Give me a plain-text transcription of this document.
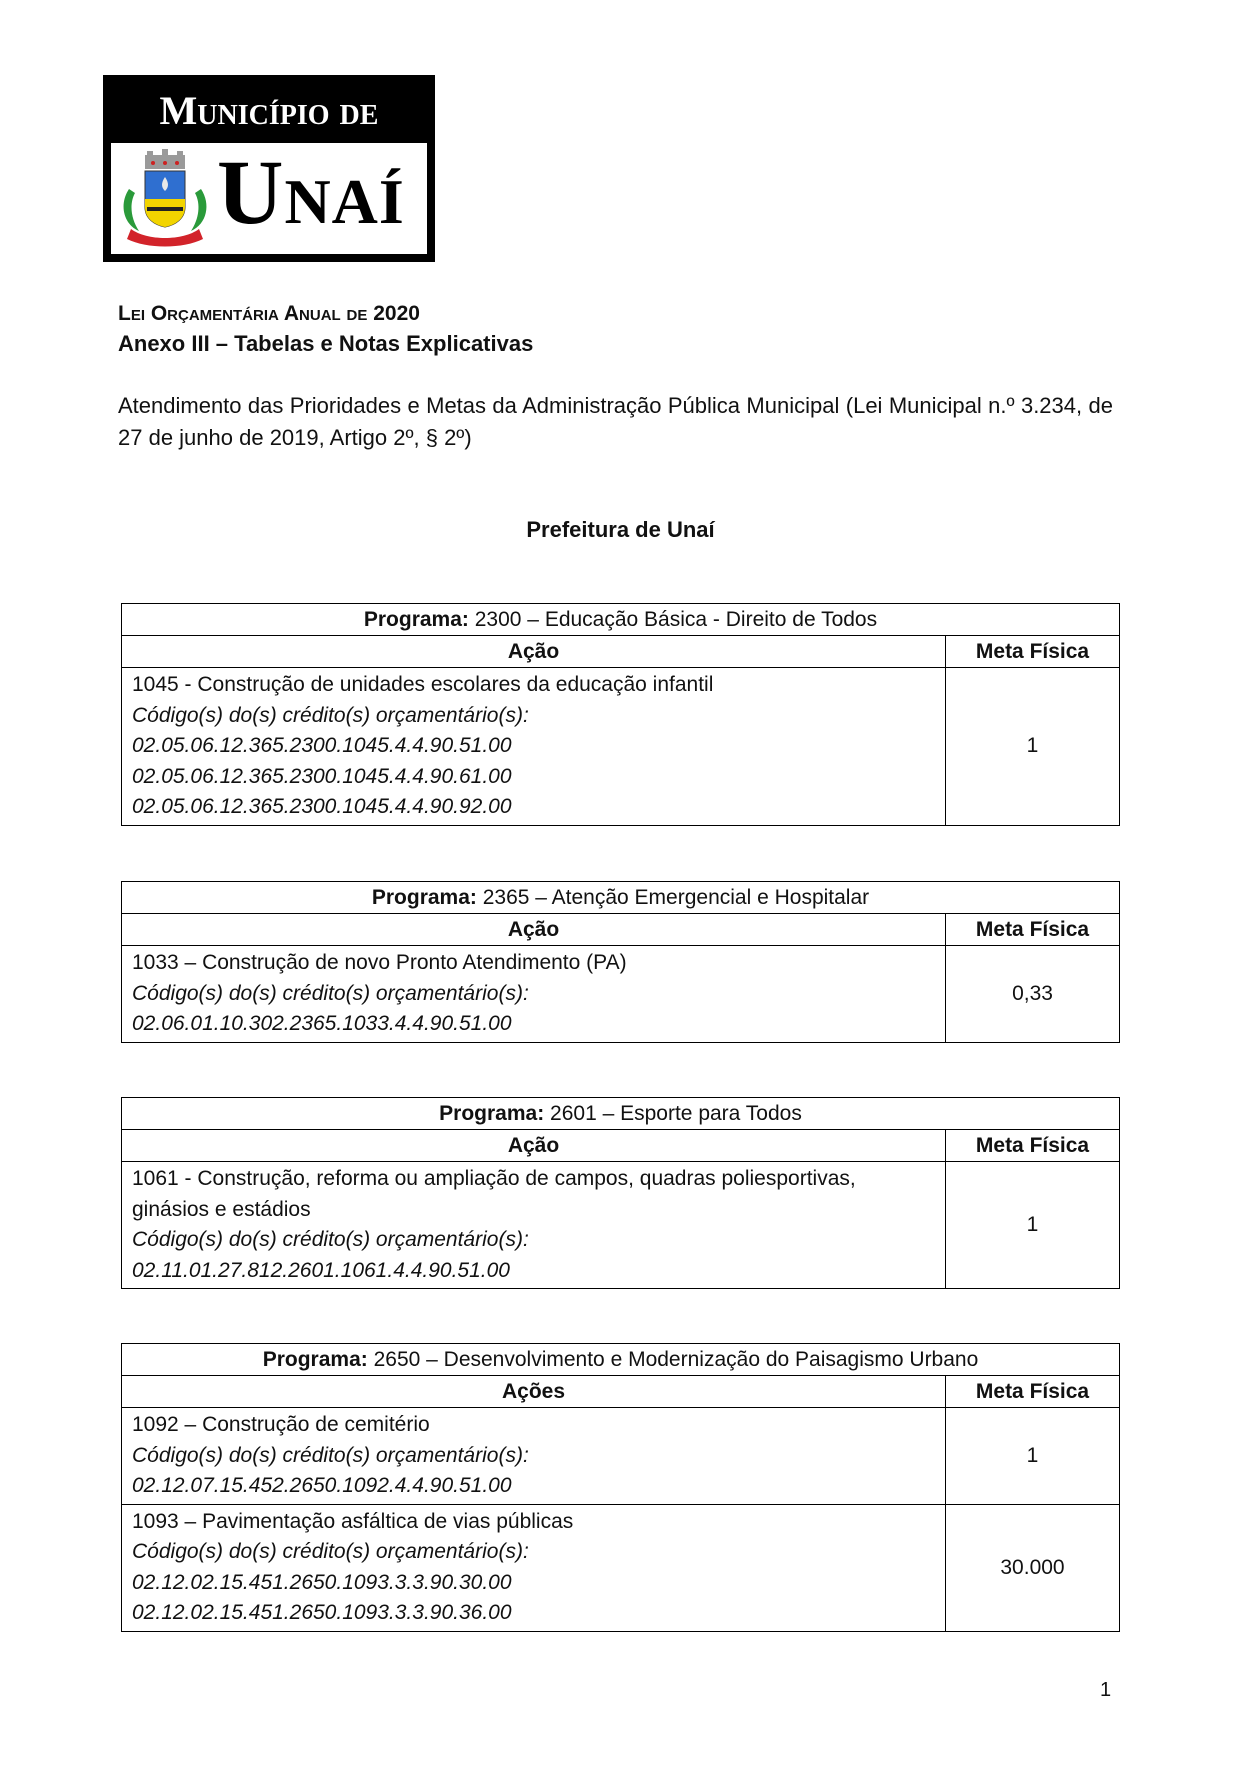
Município de
Unaí
Lei Orçamentária Anual de 2020
Anexo III – Tabelas e Notas Explicativas
Atendimento das Prioridades e Metas da Administração Pública Municipal (Lei Municipal n.º 3.234, de 27 de junho de 2019, Artigo 2º, § 2º)
Prefeitura de Unaí
Programa: 2300 – Educação Básica - Direito de Todos	
Ação	Meta Física

1045 - Construção de unidades escolares da educação infantil
Código(s) do(s) crédito(s) orçamentário(s):
02.05.06.12.365.2300.1045.4.4.90.51.00
02.05.06.12.365.2300.1045.4.4.90.61.00
02.05.06.12.365.2300.1045.4.4.90.92.00	1
Programa: 2365 – Atenção Emergencial e Hospitalar	
Ação	Meta Física

1033 – Construção de novo Pronto Atendimento (PA)
Código(s) do(s) crédito(s) orçamentário(s):
02.06.01.10.302.2365.1033.4.4.90.51.00	0,33
Programa: 2601 – Esporte para Todos	
Ação	Meta Física

1061 - Construção, reforma ou ampliação de campos, quadras poliesportivas, ginásios e estádios
Código(s) do(s) crédito(s) orçamentário(s):
02.11.01.27.812.2601.1061.4.4.90.51.00	1
Programa: 2650 – Desenvolvimento e Modernização do Paisagismo Urbano	
Ações	Meta Física

1092 – Construção de cemitério
Código(s) do(s) crédito(s) orçamentário(s):
02.12.07.15.452.2650.1092.4.4.90.51.00	1

1093 – Pavimentação asfáltica de vias públicas
Código(s) do(s) crédito(s) orçamentário(s):
02.12.02.15.451.2650.1093.3.3.90.30.00
02.12.02.15.451.2650.1093.3.3.90.36.00	30.000
1
